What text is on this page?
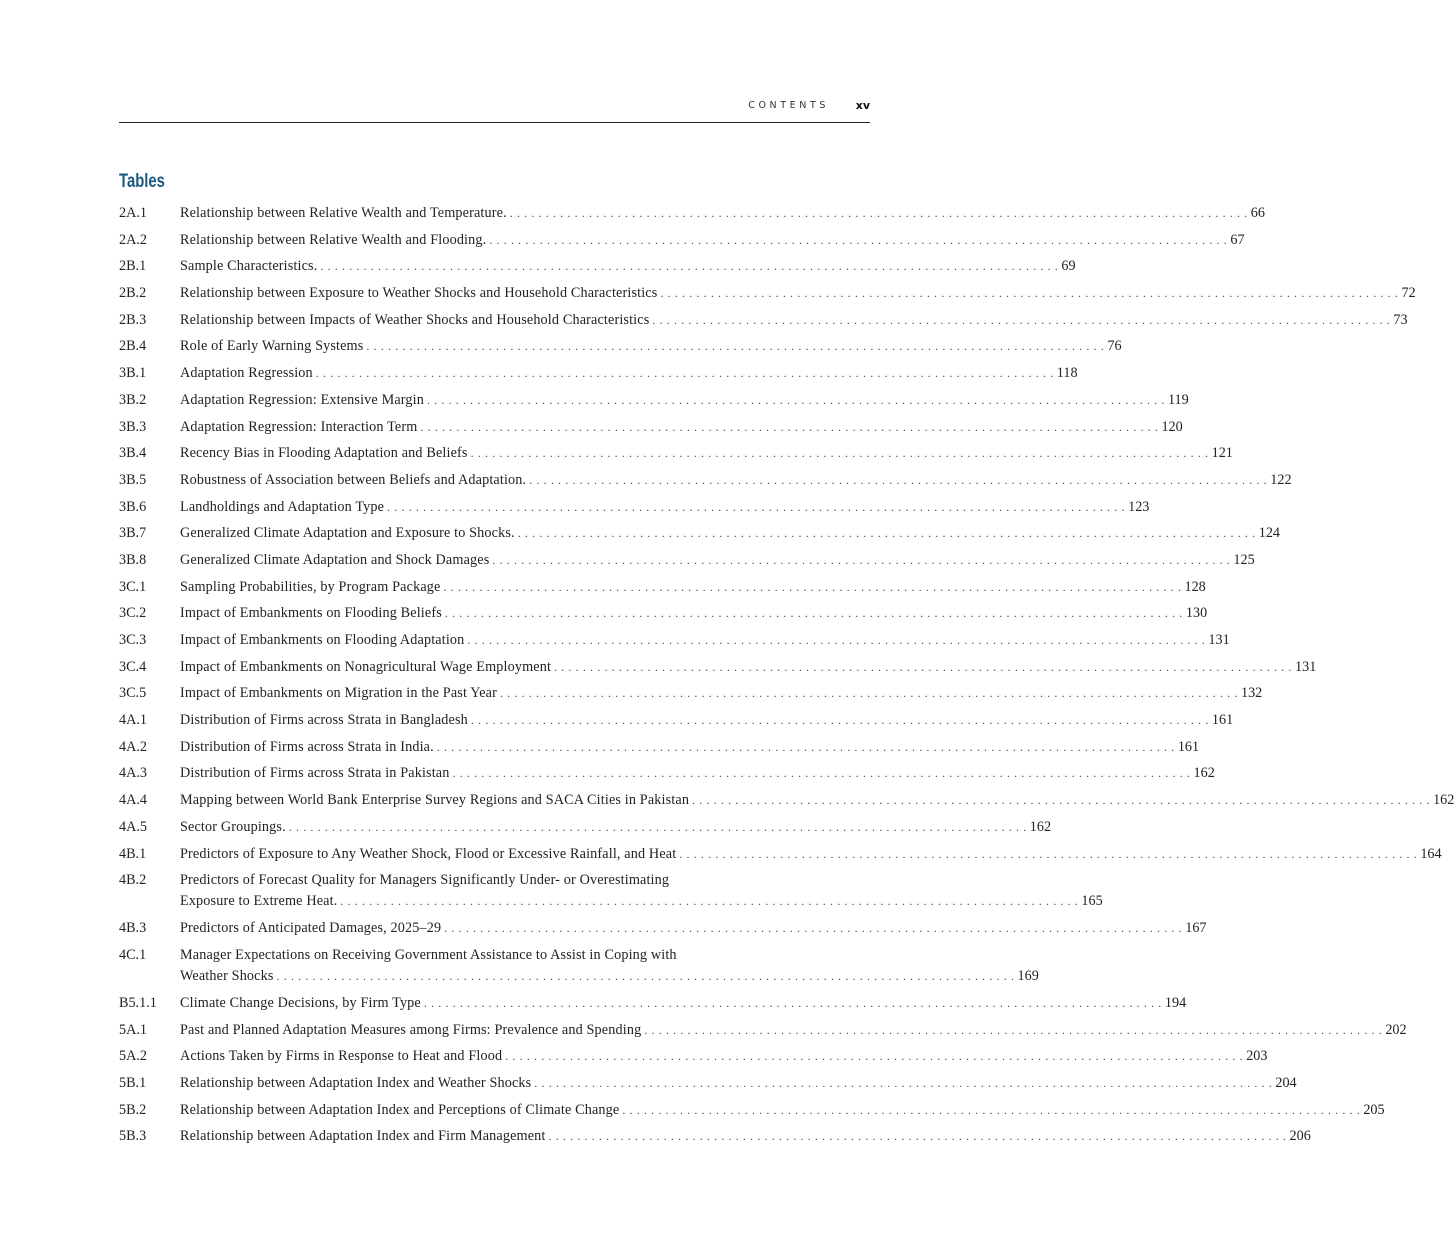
CONTENTS xv
Tables
2A.1	Relationship between Relative Wealth and Temperature. . . .	66
2A.2	Relationship between Relative Wealth and Flooding. . . .	67
2B.1	Sample Characteristics. . . .	69
2B.2	Relationship between Exposure to Weather Shocks and Household Characteristics . . .	72
2B.3	Relationship between Impacts of Weather Shocks and Household Characteristics . . .	73
2B.4	Role of Early Warning Systems . . .	76
3B.1	Adaptation Regression . . .	118
3B.2	Adaptation Regression: Extensive Margin . . .	119
3B.3	Adaptation Regression: Interaction Term . . .	120
3B.4	Recency Bias in Flooding Adaptation and Beliefs . . .	121
3B.5	Robustness of Association between Beliefs and Adaptation. . . .	122
3B.6	Landholdings and Adaptation Type . . .	123
3B.7	Generalized Climate Adaptation and Exposure to Shocks. . . .	124
3B.8	Generalized Climate Adaptation and Shock Damages . . .	125
3C.1	Sampling Probabilities, by Program Package . . .	128
3C.2	Impact of Embankments on Flooding Beliefs . . .	130
3C.3	Impact of Embankments on Flooding Adaptation . . .	131
3C.4	Impact of Embankments on Nonagricultural Wage Employment . . .	131
3C.5	Impact of Embankments on Migration in the Past Year . . .	132
4A.1	Distribution of Firms across Strata in Bangladesh . . .	161
4A.2	Distribution of Firms across Strata in India. . . .	161
4A.3	Distribution of Firms across Strata in Pakistan . . .	162
4A.4	Mapping between World Bank Enterprise Survey Regions and SACA Cities in Pakistan . . .	162
4A.5	Sector Groupings. . . .	162
4B.1	Predictors of Exposure to Any Weather Shock, Flood or Excessive Rainfall, and Heat . . .	164
4B.2	Predictors of Forecast Quality for Managers Significantly Under- or Overestimating
Exposure to Extreme Heat. . . .	165
4B.3	Predictors of Anticipated Damages, 2025–29 . . .	167
4C.1	Manager Expectations on Receiving Government Assistance to Assist in Coping with
Weather Shocks . . .	169
B5.1.1	Climate Change Decisions, by Firm Type . . .	194
5A.1	Past and Planned Adaptation Measures among Firms: Prevalence and Spending . . .	202
5A.2	Actions Taken by Firms in Response to Heat and Flood . . .	203
5B.1	Relationship between Adaptation Index and Weather Shocks . . .	204
5B.2	Relationship between Adaptation Index and Perceptions of Climate Change . . .	205
5B.3	Relationship between Adaptation Index and Firm Management . . .	206
